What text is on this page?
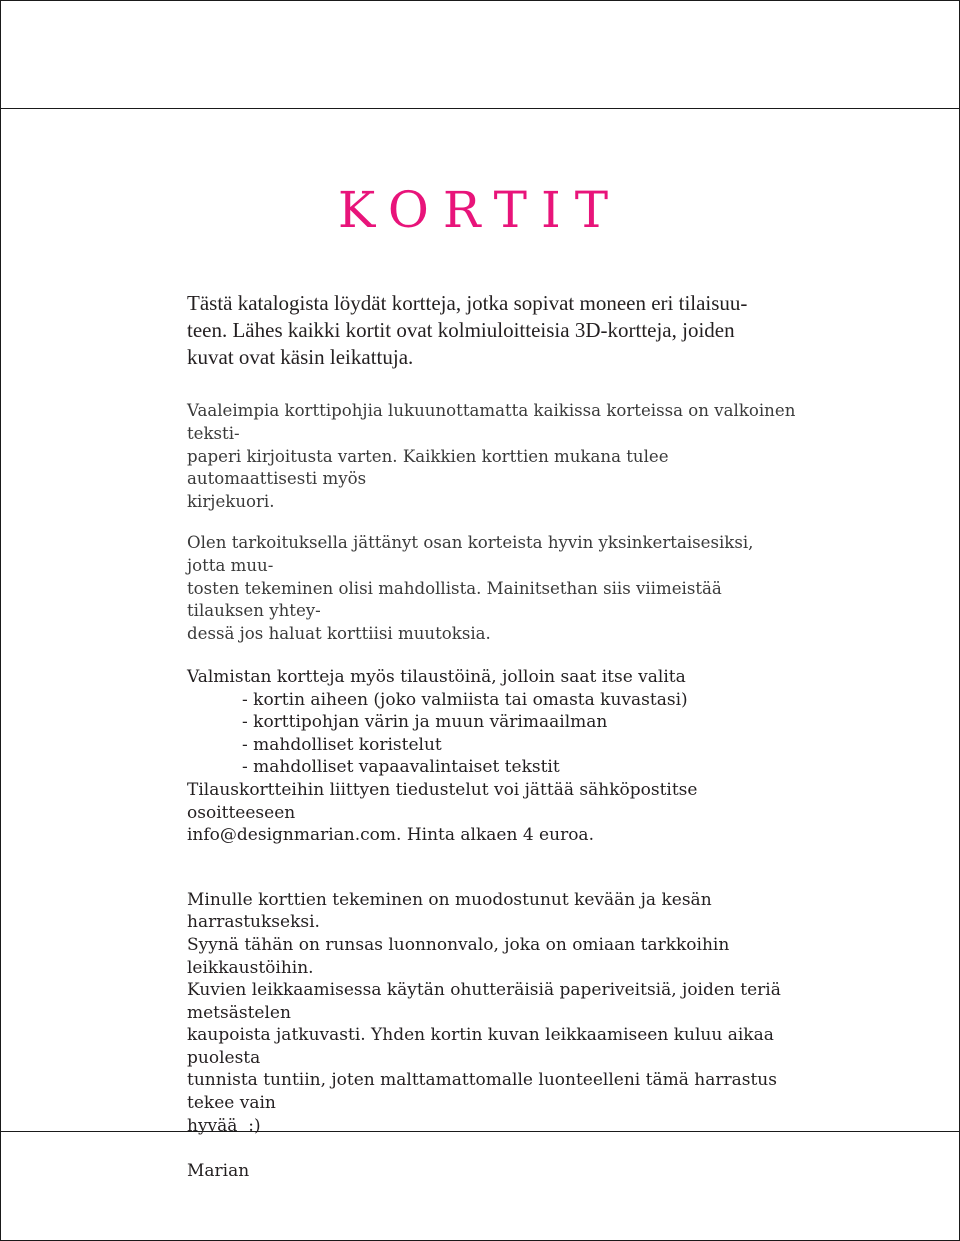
KORTIT

Tästä katalogista löydät kortteja, jotka sopivat moneen eri tilaisuu-

teen. Lähes kaikki kortit ovat kolmiuloitteisia 3D-kortteja, joiden

kuvat ovat käsin leikattuja.

Vaaleimpia korttipohjia lukuunottamatta kaikissa korteissa on valkoinen teksti-

paperi kirjoitusta varten. Kaikkien korttien mukana tulee automaattisesti myös

kirjekuori.

Olen tarkoituksella jättänyt osan korteista hyvin yksinkertaisesiksi, jotta muu-

tosten tekeminen olisi mahdollista. Mainitsethan siis viimeistää tilauksen yhtey-

dessä jos haluat korttiisi muutoksia.

Valmistan kortteja myös tilaustöinä, jolloin saat itse valita

- kortin aiheen (joko valmiista tai omasta kuvastasi)

- korttipohjan värin ja muun värimaailman

- mahdolliset koristelut

- mahdolliset vapaavalintaiset tekstit

Tilauskortteihin liittyen tiedustelut voi jättää sähköpostitse osoitteeseen

info@designmarian.com. Hinta alkaen 4 euroa.

Minulle korttien tekeminen on muodostunut kevään ja kesän harrastukseksi.

Syynä tähän on runsas luonnonvalo, joka on omiaan tarkkoihin leikkaustöihin.

Kuvien leikkaamisessa käytän ohutteräisiä paperiveitsiä, joiden teriä metsästelen

kaupoista jatkuvasti. Yhden kortin kuvan leikkaamiseen kuluu aikaa puolesta

tunnista tuntiin, joten malttamattomalle luonteelleni tämä harrastus tekee vain

hyvää  :)

Marian
